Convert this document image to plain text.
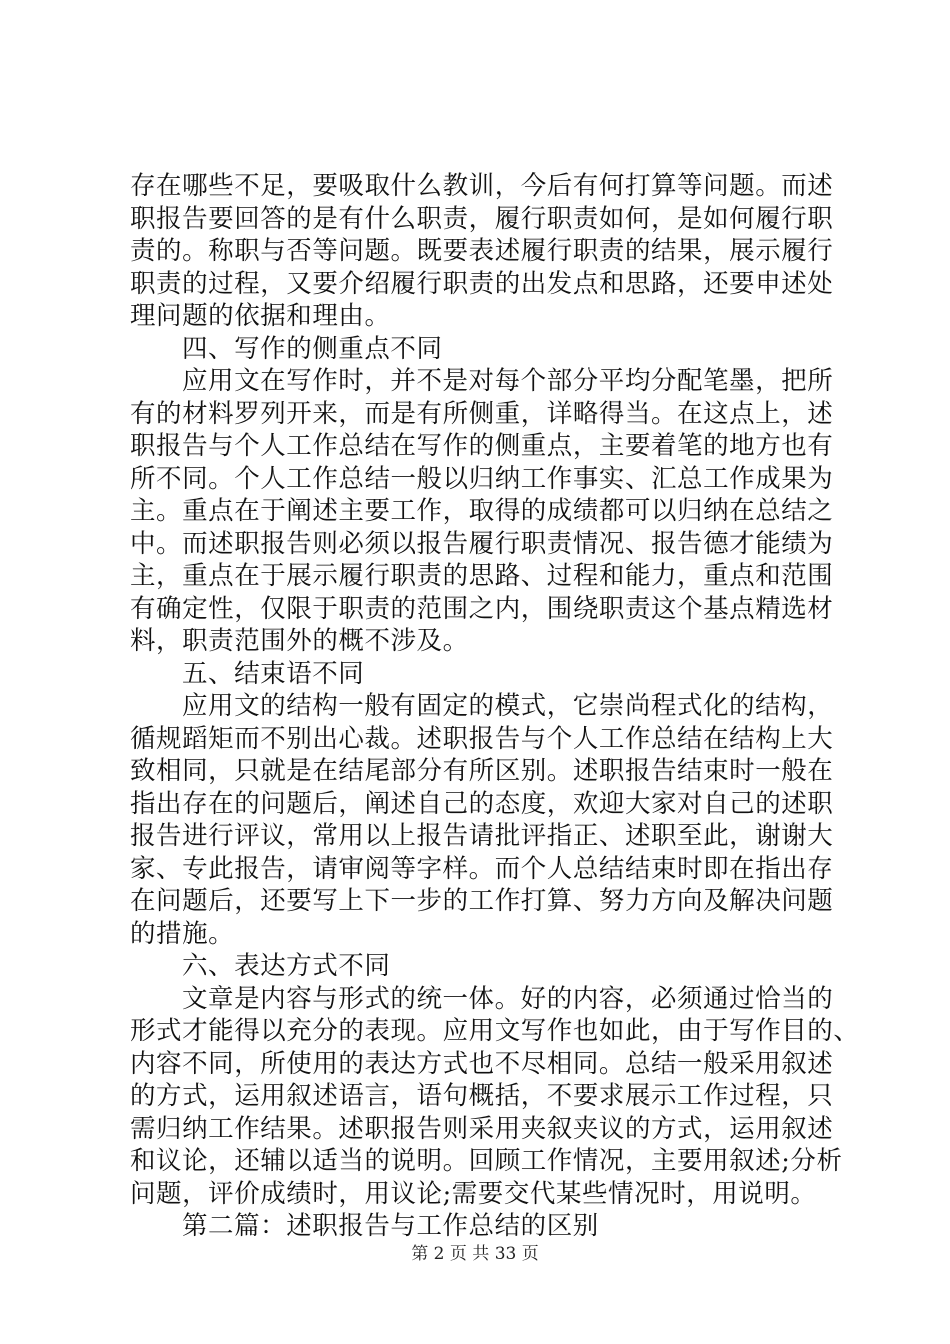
存在哪些不足，要吸取什么教训，今后有何打算等问题。而述
职报告要回答的是有什么职责，履行职责如何，是如何履行职
责的。称职与否等问题。既要表述履行职责的结果，展示履行
职责的过程，又要介绍履行职责的出发点和思路，还要申述处
理问题的依据和理由。
四、写作的侧重点不同
应用文在写作时，并不是对每个部分平均分配笔墨，把所
有的材料罗列开来，而是有所侧重，详略得当。在这点上，述
职报告与个人工作总结在写作的侧重点，主要着笔的地方也有
所不同。个人工作总结一般以归纳工作事实、汇总工作成果为
主。重点在于阐述主要工作，取得的成绩都可以归纳在总结之
中。而述职报告则必须以报告履行职责情况、报告德才能绩为
主，重点在于展示履行职责的思路、过程和能力，重点和范围
有确定性，仅限于职责的范围之内，围绕职责这个基点精选材
料，职责范围外的概不涉及。
五、结束语不同
应用文的结构一般有固定的模式，它崇尚程式化的结构，
循规蹈矩而不别出心裁。述职报告与个人工作总结在结构上大
致相同，只就是在结尾部分有所区别。述职报告结束时一般在
指出存在的问题后，阐述自己的态度，欢迎大家对自己的述职
报告进行评议，常用以上报告请批评指正、述职至此，谢谢大
家、专此报告，请审阅等字样。而个人总结结束时即在指出存
在问题后，还要写上下一步的工作打算、努力方向及解决问题
的措施。
六、表达方式不同
文章是内容与形式的统一体。好的内容，必须通过恰当的
形式才能得以充分的表现。应用文写作也如此，由于写作目的、
内容不同，所使用的表达方式也不尽相同。总结一般采用叙述
的方式，运用叙述语言，语句概括，不要求展示工作过程，只
需归纳工作结果。述职报告则采用夹叙夹议的方式，运用叙述
和议论，还辅以适当的说明。回顾工作情况，主要用叙述;分析
问题，评价成绩时，用议论;需要交代某些情况时，用说明。
第二篇：述职报告与工作总结的区别
第 2 页 共 33 页
